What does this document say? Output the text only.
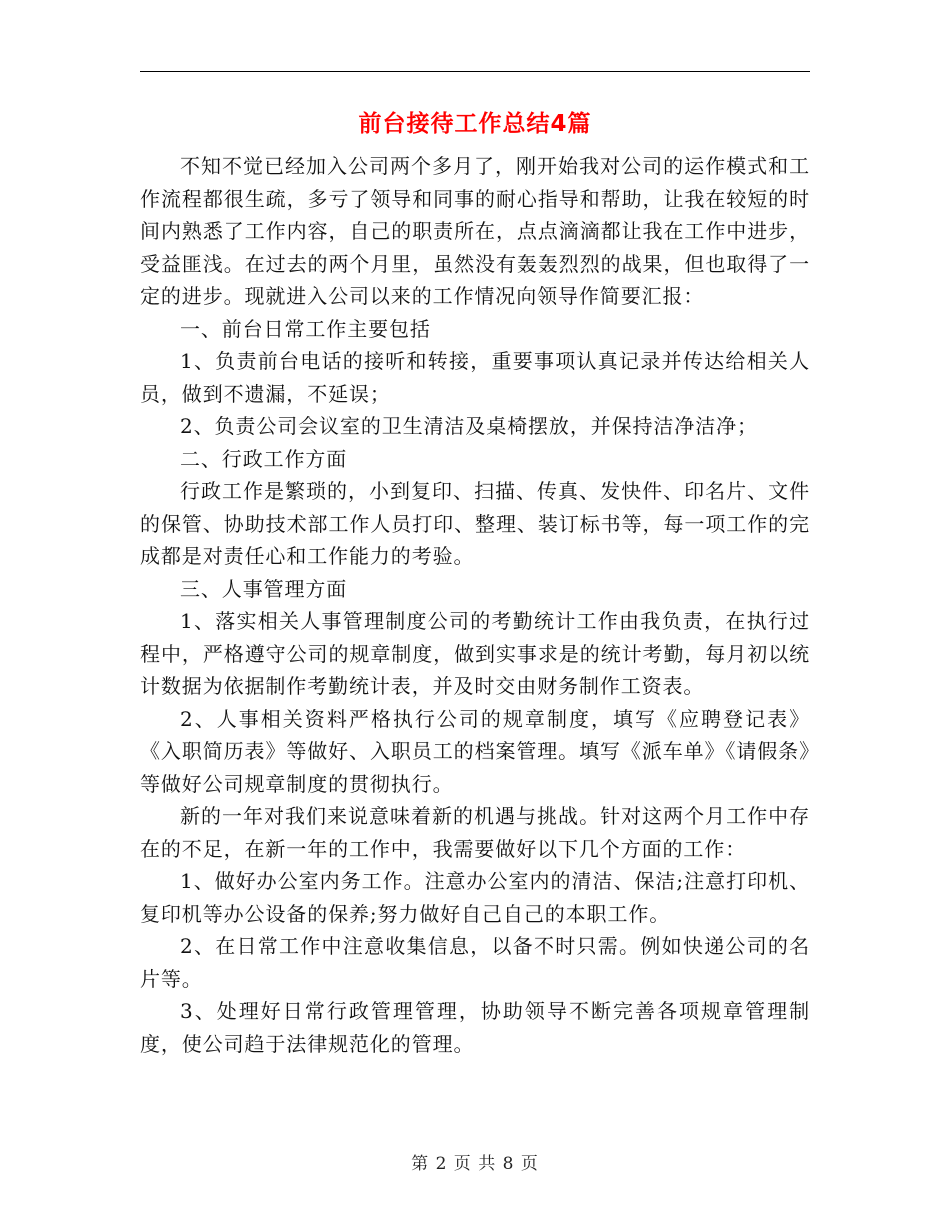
前台接待工作总结4篇

不知不觉已经加入公司两个多月了，刚开始我对公司的运作模式和工作流程都很生疏，多亏了领导和同事的耐心指导和帮助，让我在较短的时间内熟悉了工作内容，自己的职责所在，点点滴滴都让我在工作中进步，受益匪浅。在过去的两个月里，虽然没有轰轰烈烈的战果，但也取得了一定的进步。现就进入公司以来的工作情况向领导作简要汇报：

一、前台日常工作主要包括

1、负责前台电话的接听和转接，重要事项认真记录并传达给相关人员，做到不遗漏，不延误；

2、负责公司会议室的卫生清洁及桌椅摆放，并保持洁净洁净；

二、行政工作方面

行政工作是繁琐的，小到复印、扫描、传真、发快件、印名片、文件的保管、协助技术部工作人员打印、整理、装订标书等，每一项工作的完成都是对责任心和工作能力的考验。

三、人事管理方面

1、落实相关人事管理制度公司的考勤统计工作由我负责，在执行过程中，严格遵守公司的规章制度，做到实事求是的统计考勤，每月初以统计数据为依据制作考勤统计表，并及时交由财务制作工资表。

2、人事相关资料严格执行公司的规章制度，填写《应聘登记表》《入职简历表》等做好、入职员工的档案管理。填写《派车单》《请假条》等做好公司规章制度的贯彻执行。

新的一年对我们来说意味着新的机遇与挑战。针对这两个月工作中存在的不足，在新一年的工作中，我需要做好以下几个方面的工作：

1、做好办公室内务工作。注意办公室内的清洁、保洁;注意打印机、复印机等办公设备的保养;努力做好自己自己的本职工作。

2、在日常工作中注意收集信息，以备不时只需。例如快递公司的名片等。

3、处理好日常行政管理管理，协助领导不断完善各项规章管理制度，使公司趋于法律规范化的管理。

第 2 页 共 8 页
